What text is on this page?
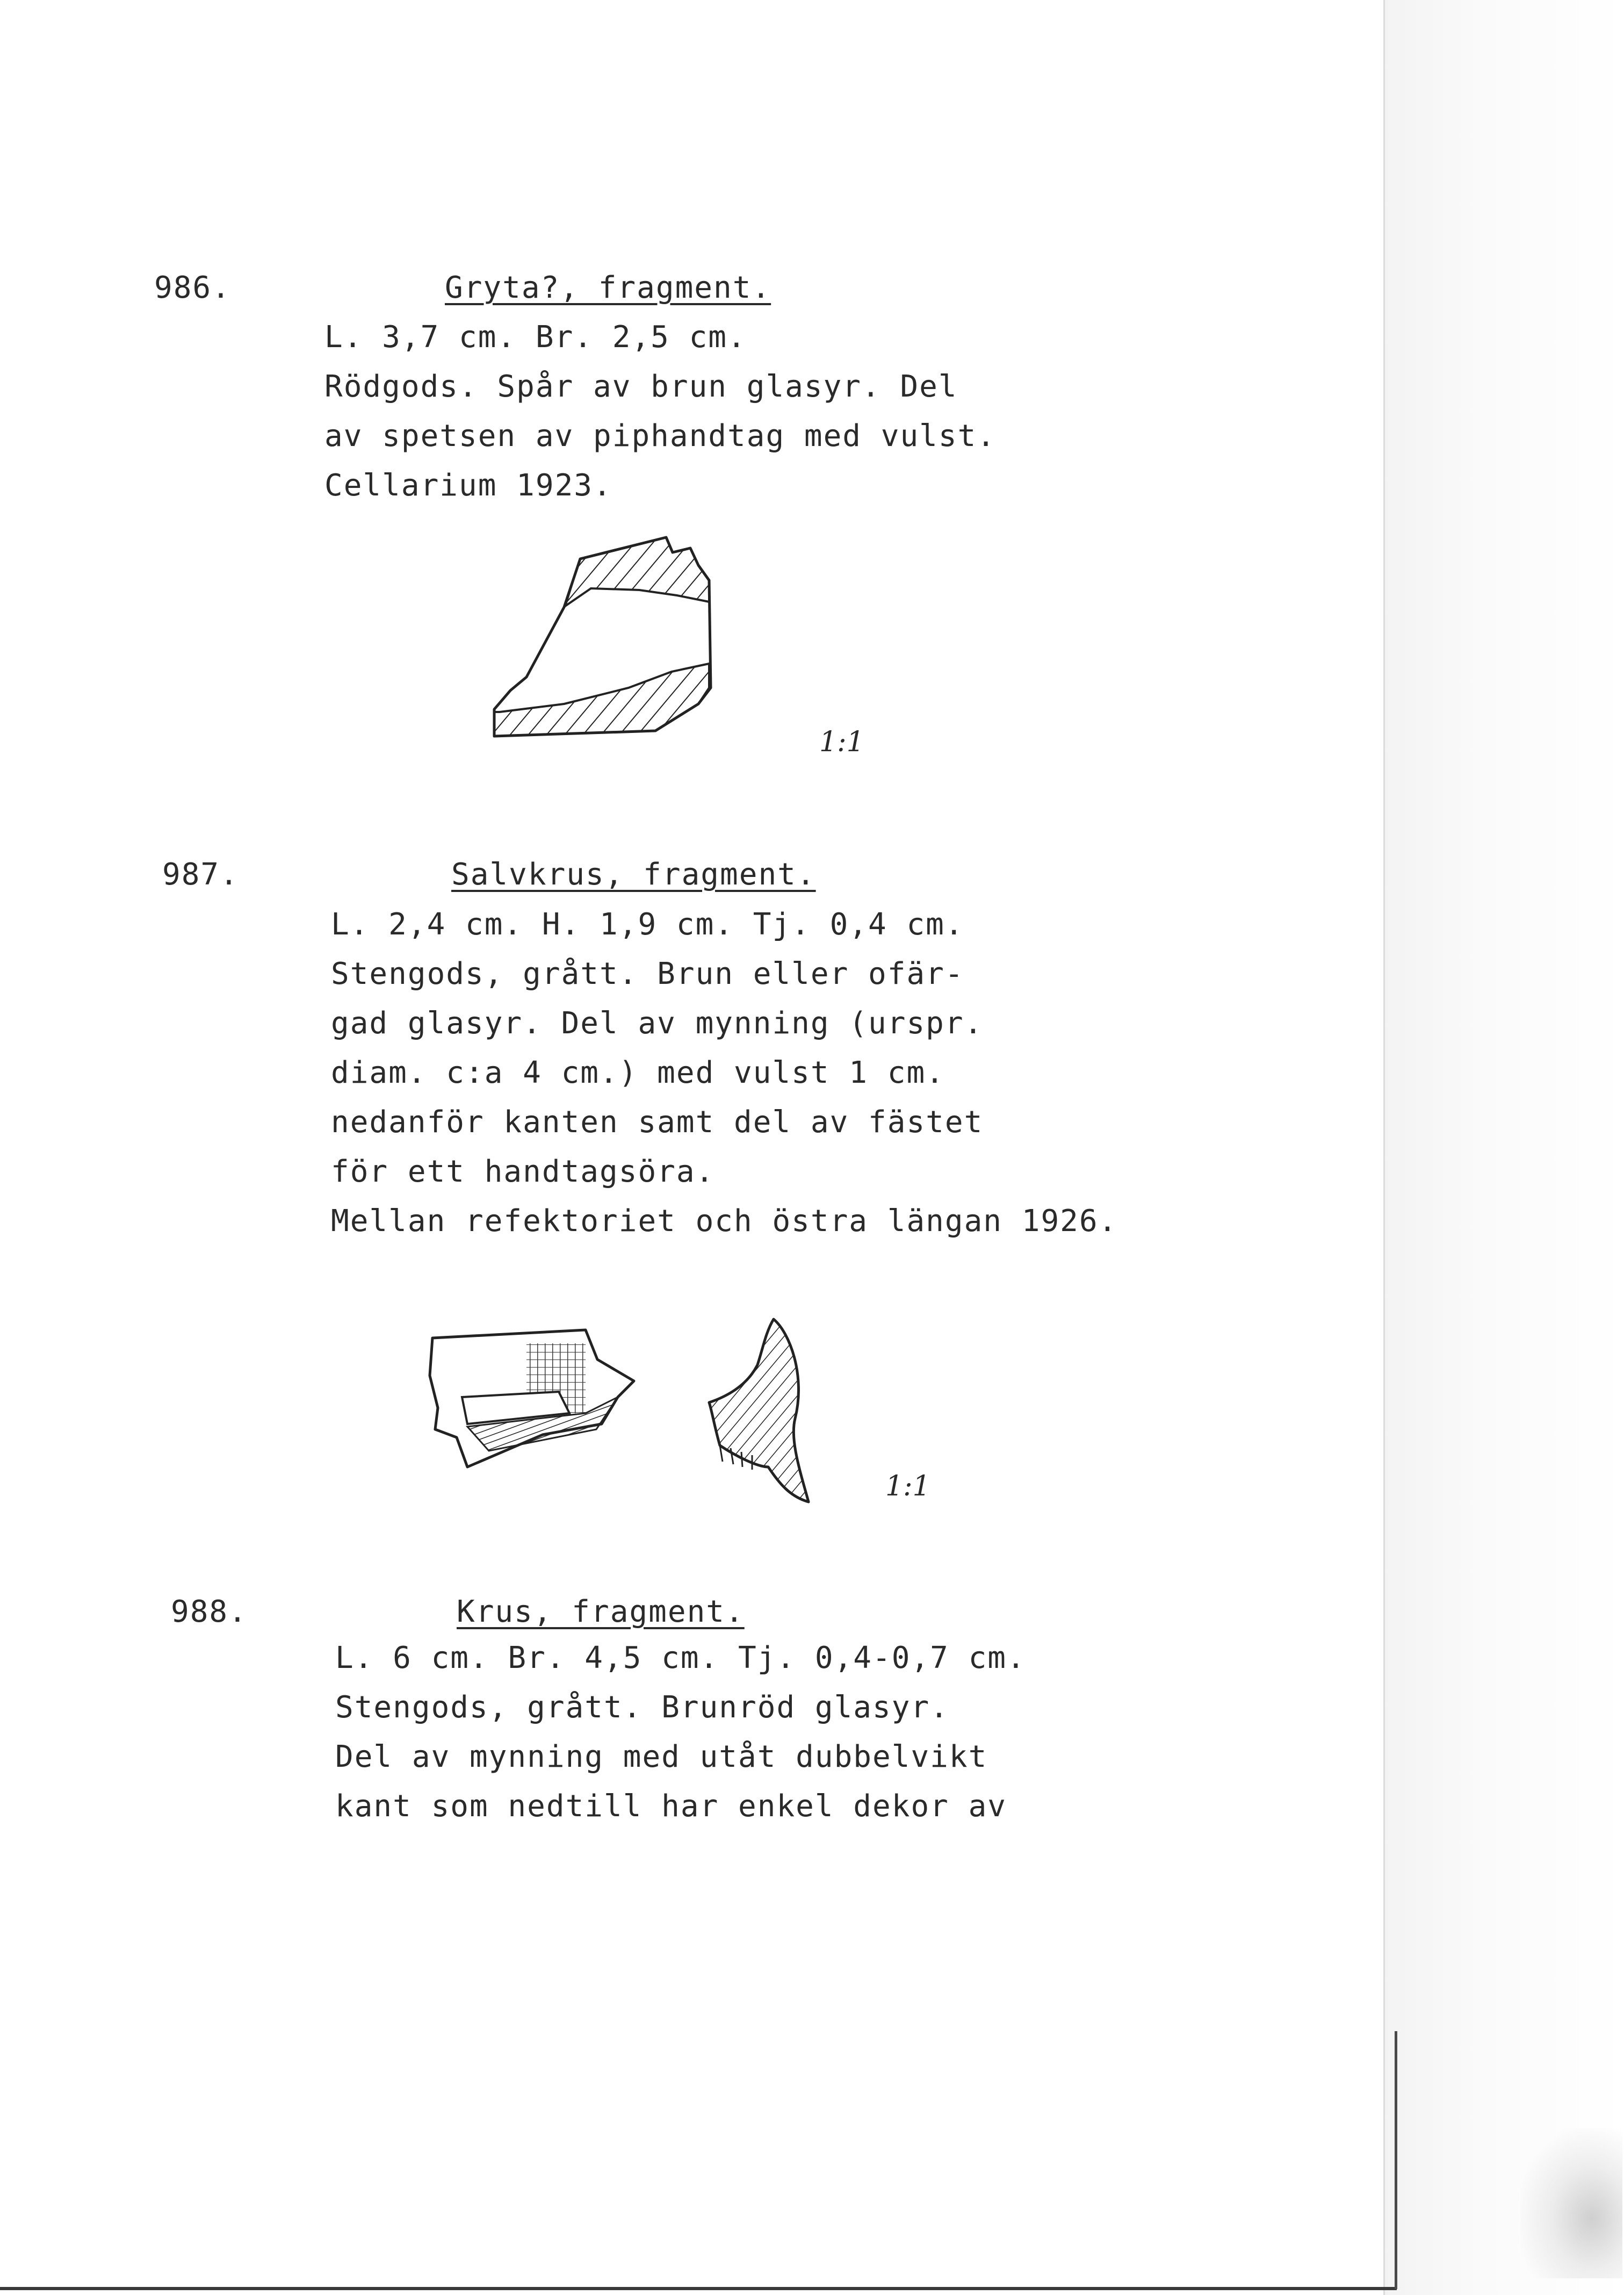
986.	Gryta?, fragment.
L. 3,7 cm. Br. 2,5 cm.
Rödgods. Spår av brun glasyr. Del
av spetsen av piphandtag med vulst.
Cellarium 1923.
1:1
987.	Salvkrus, fragment.
L. 2,4 cm. H. 1,9 cm. Tj. 0,4 cm.
Stengods, grått. Brun eller ofär-
gad glasyr. Del av mynning (urspr.
diam. c:a 4 cm.) med vulst 1 cm.
nedanför kanten samt del av fästet
för ett handtagsöra.
Mellan refektoriet och östra längan 1926.
1:1
988.	Krus, fragment.
L. 6 cm. Br. 4,5 cm. Tj. 0,4-0,7 cm.
Stengods, grått. Brunröd glasyr.
Del av mynning med utåt dubbelvikt
kant som nedtill har enkel dekor av
